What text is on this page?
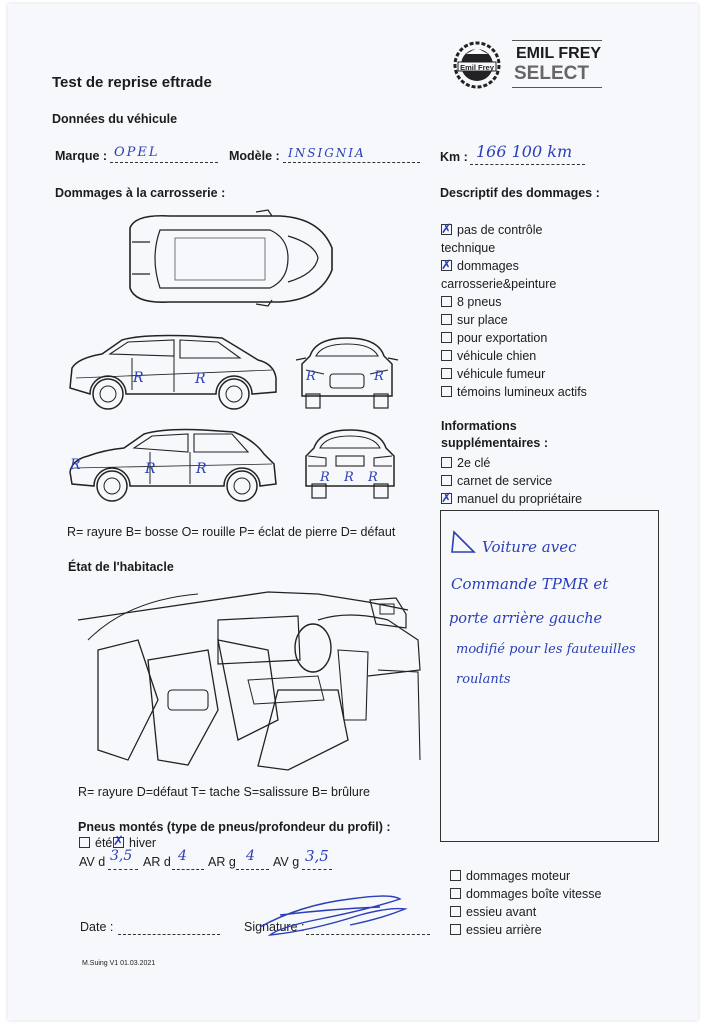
Emil Frey
EMIL FREY
SELECT
Test de reprise eftrade
Données du véhicule
Marque : OPEL	Modèle : INSIGNIA	Km : 166 100 km
Dommages à la carrosserie :
R	R
R	R	R
R	R
R R R
R= rayure B= bosse O= rouille P= éclat de pierre D= défaut
État de l'habitacle
R= rayure D=défaut T= tache S=salissure B= brûlure
Pneus montés (type de pneus/profondeur du profil) :
été
✗	hiver
AV d 3,5 AR d 4 AR g 4 AV g 3,5
Descriptif des dommages :
✗pas de contrôle
technique
✗dommages
carrosserie&peinture
8 pneus
sur place
pour exportation
véhicule chien
véhicule fumeur
témoins lumineux actifs
Informations
supplémentaires :
2e clé
carnet de service
✗manuel du propriétaire
Voiture avec
Commande TPMR et
porte arrière gauche
modifié pour les fauteuilles
roulants
dommages moteur
dommages boîte vitesse
essieu avant
essieu arrière
Date :	Signature :
M.Suing V1 01.03.2021
